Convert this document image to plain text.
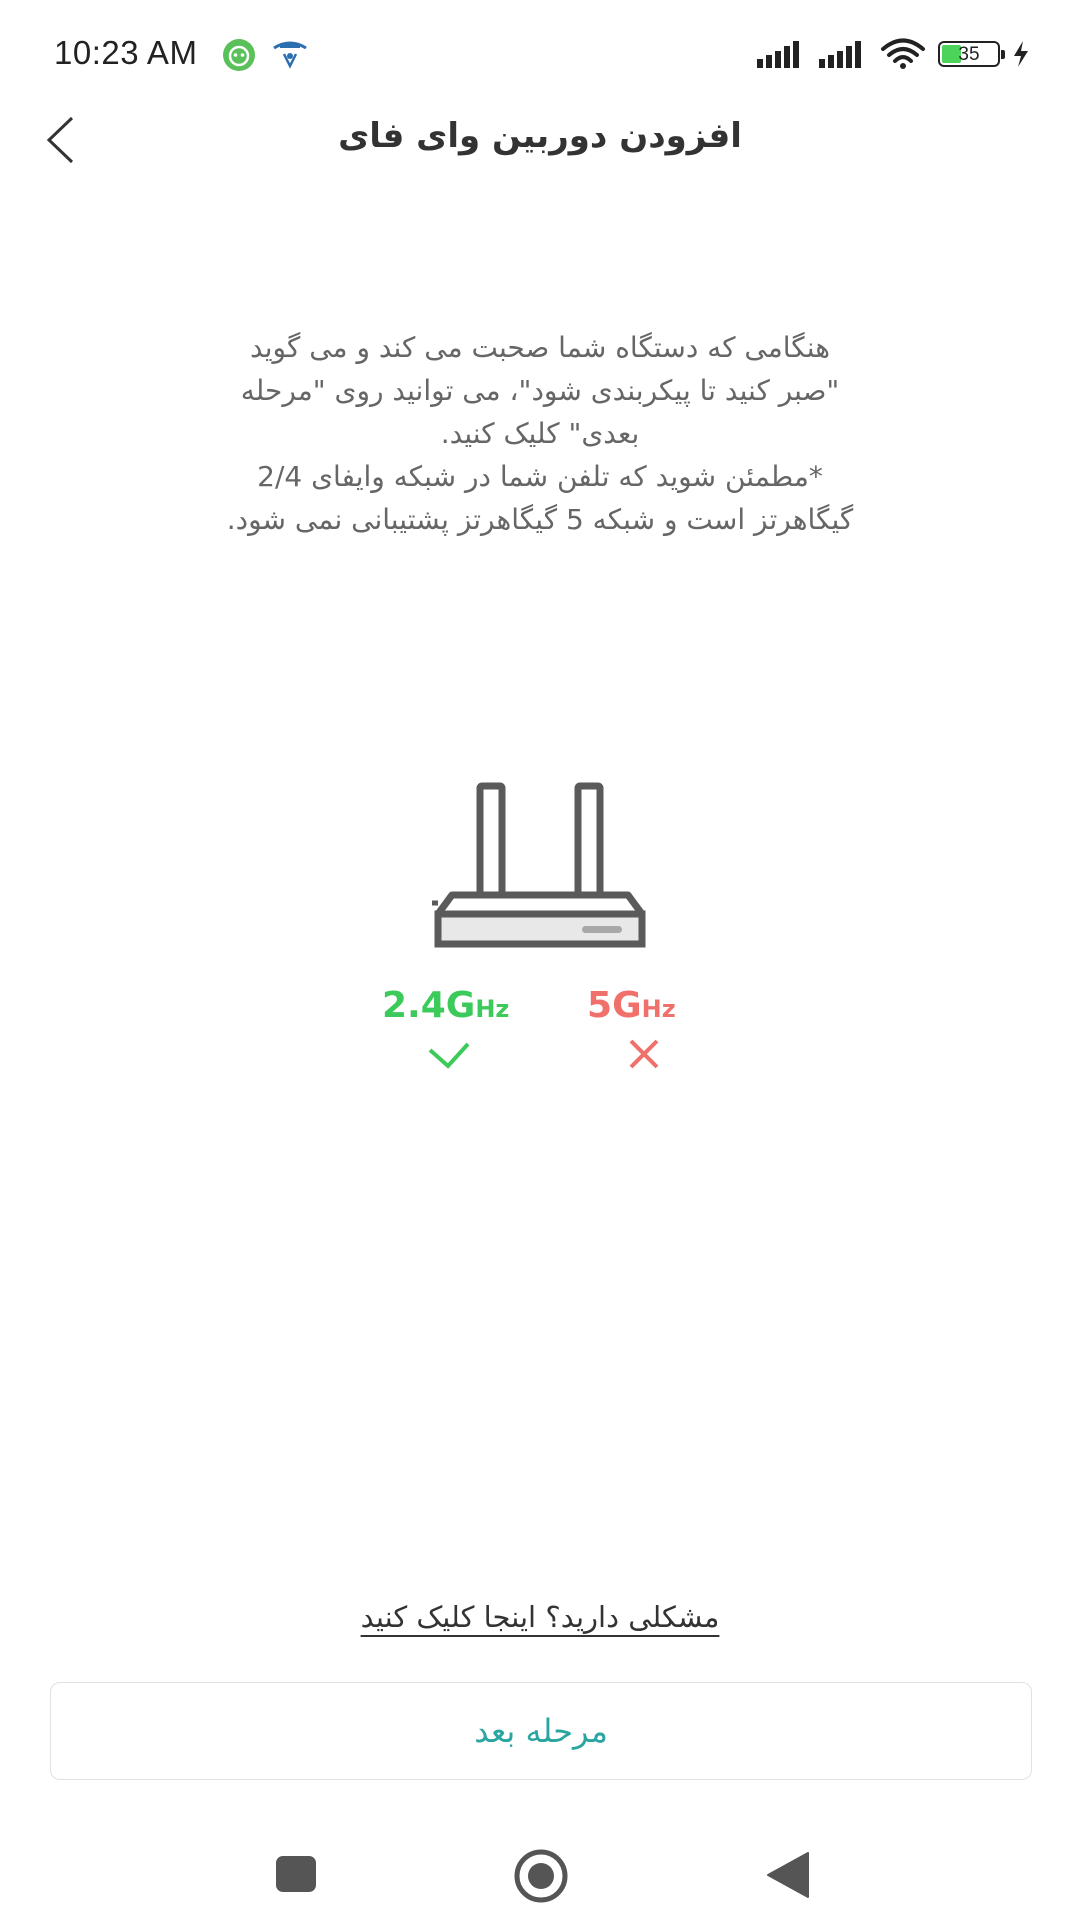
10:23 AM	35
افزودن دوربین وای فای

هنگامی که دستگاه شما صحبت می کند و می گوید

"صبر کنید تا پیکربندی شود"، می توانید روی "مرحله

بعدی" کلیک کنید.

*مطمئن شوید که تلفن شما در شبکه وایفای 2/4

گیگاهرتز است و شبکه 5 گیگاهرتز پشتیبانی نمی شود.

2.4GHz 5GHz
مشکلی دارید؟ اینجا کلیک کنید
مرحله بعد
